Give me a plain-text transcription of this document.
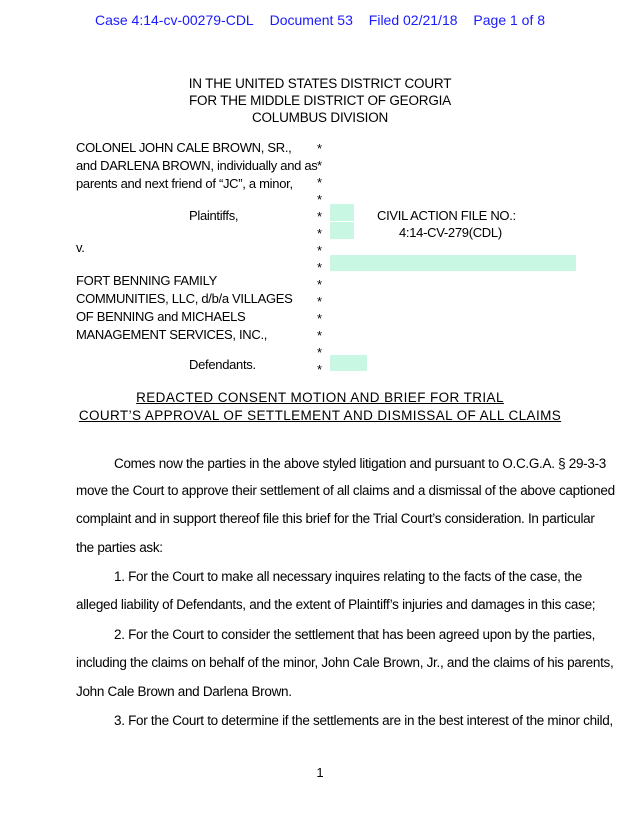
Case 4:14-cv-00279-CDL Document 53 Filed 02/21/18 Page 1 of 8
IN THE UNITED STATES DISTRICT COURT
FOR THE MIDDLE DISTRICT OF GEORGIA
COLUMBUS DIVISION
COLONEL JOHN CALE BROWN, SR.,
and DARLENA BROWN, individually and as
parents and next friend of “JC”, a minor,
Plaintiffs,
v.
FORT BENNING FAMILY
COMMUNITIES, LLC, d/b/a VILLAGES
OF BENNING and MICHAELS
MANAGEMENT SERVICES, INC.,
Defendants.
*
*
*
*
*
*
*
*
*
*
*
*
*
*
CIVIL ACTION FILE NO.:
4:14-CV-279(CDL)
REDACTED CONSENT MOTION AND BRIEF FOR TRIAL
COURT’S APPROVAL OF SETTLEMENT AND DISMISSAL OF ALL CLAIMS
Comes now the parties in the above styled litigation and pursuant to O.C.G.A. § 29-3-3
move the Court to approve their settlement of all claims and a dismissal of the above captioned
complaint and in support thereof file this brief for the Trial Court’s consideration. In particular
the parties ask:
1. For the Court to make all necessary inquires relating to the facts of the case, the
alleged liability of Defendants, and the extent of Plaintiff’s injuries and damages in this case;
2. For the Court to consider the settlement that has been agreed upon by the parties,
including the claims on behalf of the minor, John Cale Brown, Jr., and the claims of his parents,
John Cale Brown and Darlena Brown.
3. For the Court to determine if the settlements are in the best interest of the minor child,
1
